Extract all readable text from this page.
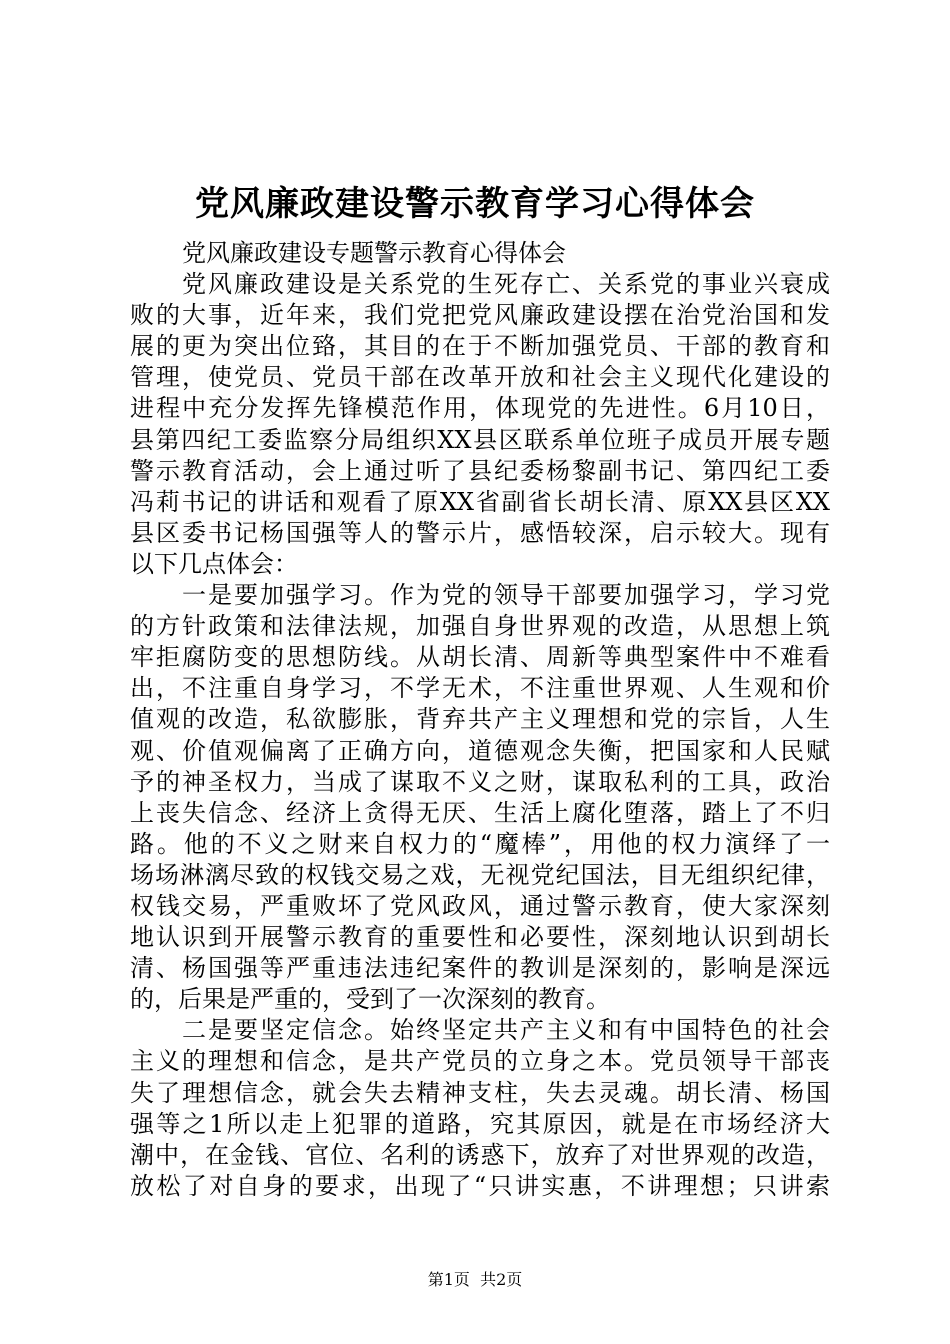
党风廉政建设警示教育学习心得体会
党风廉政建设专题警示教育心得体会
党风廉政建设是关系党的生死存亡、关系党的事业兴衰成
败的大事，近年来，我们党把党风廉政建设摆在治党治国和发
展的更为突出位臵，其目的在于不断加强党员、干部的教育和
管理，使党员、党员干部在改革开放和社会主义现代化建设的
进程中充分发挥先锋模范作用，体现党的先进性。6月10日，
县第四纪工委监察分局组织XX县区联系单位班子成员开展专题
警示教育活动，会上通过听了县纪委杨黎副书记、第四纪工委
冯莉书记的讲话和观看了原XX省副省长胡长清、原XX县区XX
县区委书记杨国强等人的警示片，感悟较深，启示较大。现有
以下几点体会：
一是要加强学习。作为党的领导干部要加强学习，学习党
的方针政策和法律法规，加强自身世界观的改造，从思想上筑
牢拒腐防变的思想防线。从胡长清、周新等典型案件中不难看
出，不注重自身学习，不学无术，不注重世界观、人生观和价
值观的改造，私欲膨胀，背弃共产主义理想和党的宗旨，人生
观、价值观偏离了正确方向，道德观念失衡，把国家和人民赋
予的神圣权力，当成了谋取不义之财，谋取私利的工具，政治
上丧失信念、经济上贪得无厌、生活上腐化堕落，踏上了不归
路。他的不义之财来自权力的“魔棒”，用他的权力演绎了一
场场淋漓尽致的权钱交易之戏，无视党纪国法，目无组织纪律，
权钱交易，严重败坏了党风政风，通过警示教育，使大家深刻
地认识到开展警示教育的重要性和必要性，深刻地认识到胡长
清、杨国强等严重违法违纪案件的教训是深刻的，影响是深远
的，后果是严重的，受到了一次深刻的教育。
二是要坚定信念。始终坚定共产主义和有中国特色的社会
主义的理想和信念，是共产党员的立身之本。党员领导干部丧
失了理想信念，就会失去精神支柱，失去灵魂。胡长清、杨国
强等之1所以走上犯罪的道路，究其原因，就是在市场经济大
潮中，在金钱、官位、名利的诱惑下，放弃了对世界观的改造，
放松了对自身的要求，出现了“只讲实惠，不讲理想；只讲索
第1页  共2页
